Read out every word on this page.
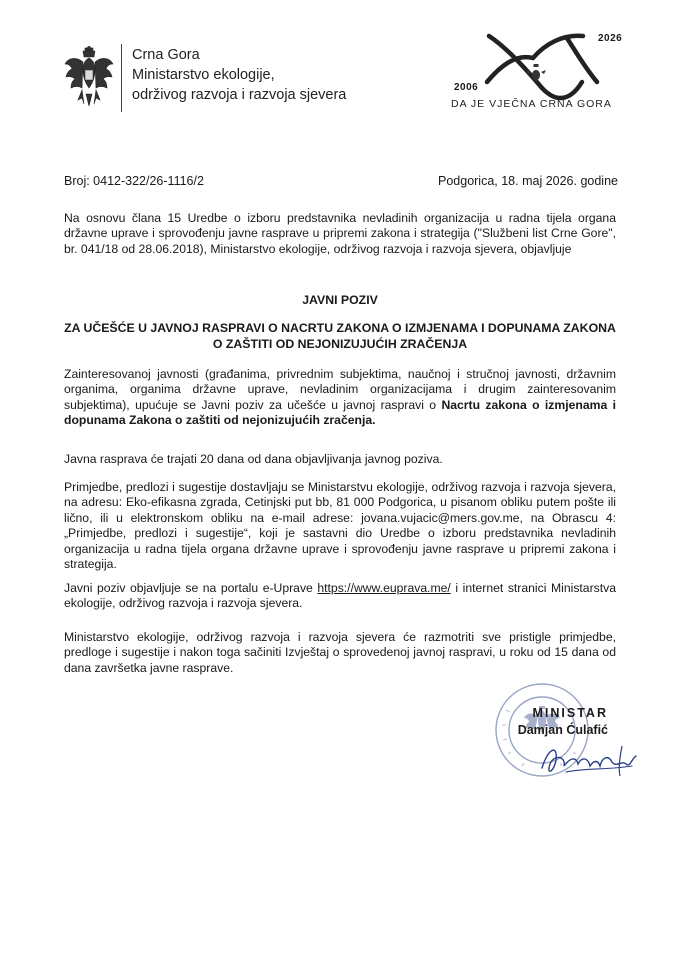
Crna Gora
Ministarstvo ekologije,
održivog razvoja i razvoja sjevera	2006
2026
DA JE VJEČNA CRNA GORA
Broj: 0412-322/26-1116/2	Podgorica, 18. maj 2026. godine
Na osnovu člana 15 Uredbe o izboru predstavnika nevladinih organizacija u radna tijela organa državne uprave i sprovođenju javne rasprave u pripremi zakona i strategija ("Službeni list Crne Gore", br. 041/18 od 28.06.2018), Ministarstvo ekologije, održivog razvoja i razvoja sjevera, objavljuje
JAVNI POZIV
ZA UČEŠĆE U JAVNOJ RASPRAVI O NACRTU ZAKONA O IZMJENAMA I DOPUNAMA ZAKONA O ZAŠTITI OD NEJONIZUJUĆIH ZRAČENJA
Zainteresovanoj javnosti (građanima, privrednim subjektima, naučnoj i stručnoj javnosti, državnim organima, organima državne uprave, nevladinim organizacijama i drugim zainteresovanim subjektima), upućuje se Javni poziv za učešće u javnoj raspravi o Nacrtu zakona o izmjenama i dopunama Zakona o zaštiti od nejonizujućih zračenja.
Javna rasprava će trajati 20 dana od dana objavljivanja javnog poziva.
Primjedbe, predlozi i sugestije dostavljaju se Ministarstvu ekologije, održivog razvoja i razvoja sjevera, na adresu: Eko-efikasna zgrada, Cetinjski put bb, 81 000 Podgorica, u pisanom obliku putem pošte ili lično, ili u elektronskom obliku na e-mail adrese: jovana.vujacic@mers.gov.me, na Obrascu 4: „Primjedbe, predlozi i sugestije“, koji je sastavni dio Uredbe o izboru predstavnika nevladinih organizacija u radna tijela organa državne uprave i sprovođenju javne rasprave u pripremi zakona i strategija.
Javni poziv objavljuje se na portalu e-Uprave https://www.euprava.me/ i internet stranici Ministarstva ekologije, održivog razvoja i razvoja sjevera.
Ministarstvo ekologije, održivog razvoja i razvoja sjevera će razmotriti sve pristigle primjedbe, predloge i sugestije i nakon toga sačiniti Izvještaj o sprovedenoj javnoj raspravi, u roku od 15 dana od dana završetka javne rasprave.
MINISTAR
Damjan Ćulafić
